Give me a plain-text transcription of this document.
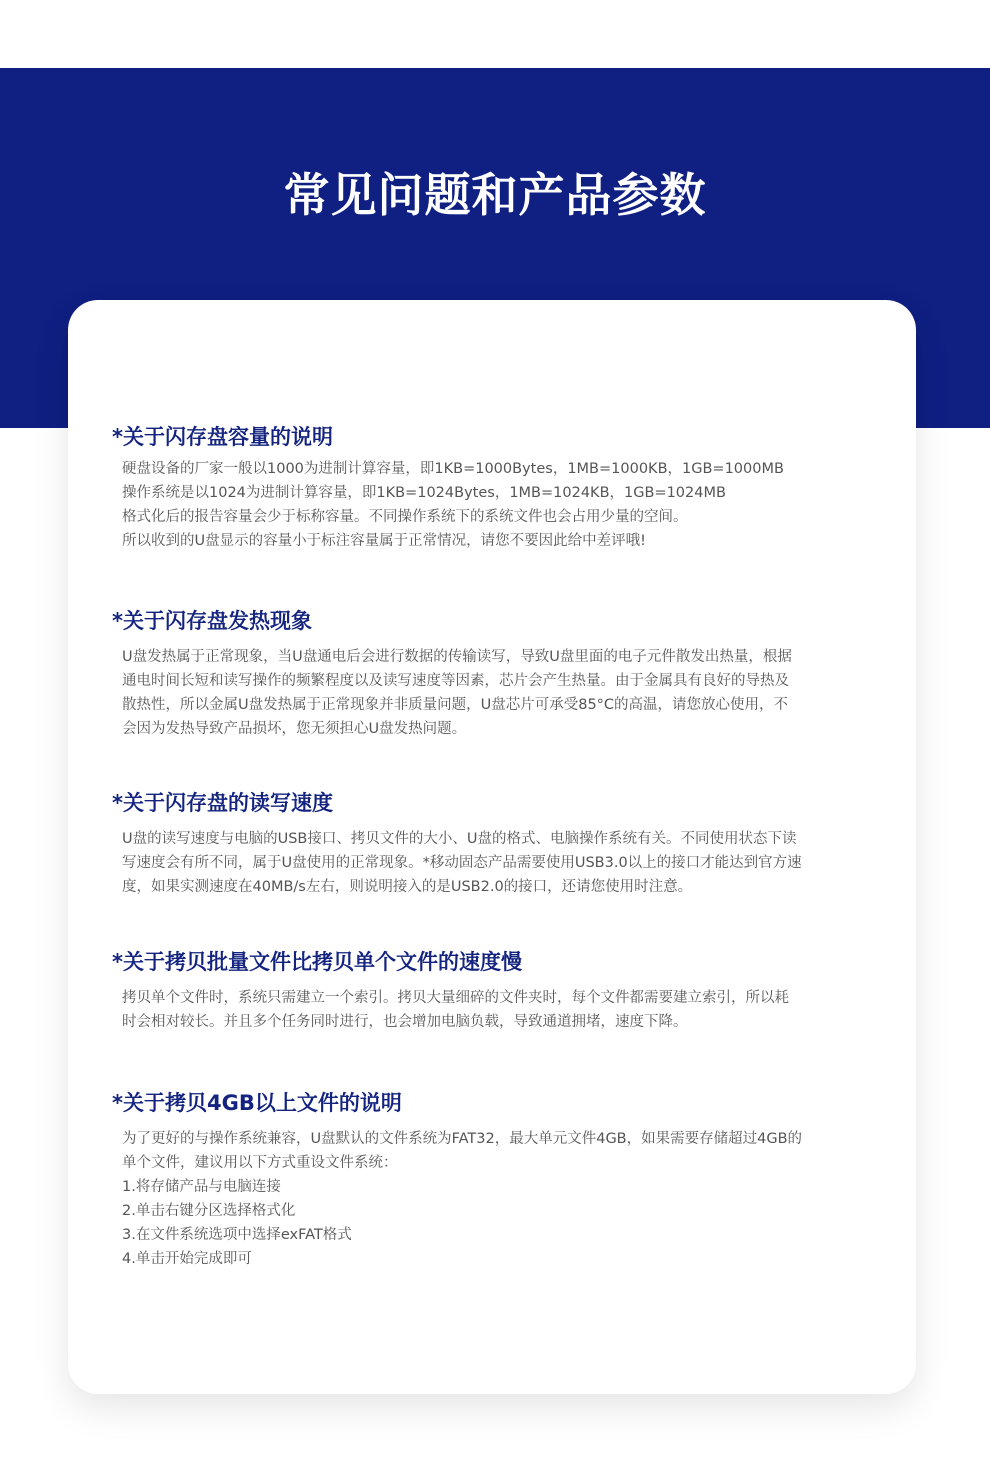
常见问题和产品参数
*关于闪存盘容量的说明
硬盘设备的厂家一般以1000为进制计算容量，即1KB=1000Bytes，1MB=1000KB，1GB=1000MB
操作系统是以1024为进制计算容量，即1KB=1024Bytes，1MB=1024KB，1GB=1024MB
格式化后的报告容量会少于标称容量。不同操作系统下的系统文件也会占用少量的空间。
所以收到的U盘显示的容量小于标注容量属于正常情况，请您不要因此给中差评哦!
*关于闪存盘发热现象
U盘发热属于正常现象，当U盘通电后会进行数据的传输读写，导致U盘里面的电子元件散发出热量，根据
通电时间长短和读写操作的频繁程度以及读写速度等因素，芯片会产生热量。由于金属具有良好的导热及
散热性，所以金属U盘发热属于正常现象并非质量问题，U盘芯片可承受85°C的高温，请您放心使用，不
会因为发热导致产品损坏，您无须担心U盘发热问题。
*关于闪存盘的读写速度
U盘的读写速度与电脑的USB接口、拷贝文件的大小、U盘的格式、电脑操作系统有关。不同使用状态下读
写速度会有所不同，属于U盘使用的正常现象。*移动固态产品需要使用USB3.0以上的接口才能达到官方速
度，如果实测速度在40MB/s左右，则说明接入的是USB2.0的接口，还请您使用时注意。
*关于拷贝批量文件比拷贝单个文件的速度慢
拷贝单个文件时，系统只需建立一个索引。拷贝大量细碎的文件夹时，每个文件都需要建立索引，所以耗
时会相对较长。并且多个任务同时进行，也会增加电脑负载，导致通道拥堵，速度下降。
*关于拷贝4GB以上文件的说明
为了更好的与操作系统兼容，U盘默认的文件系统为FAT32，最大单元文件4GB，如果需要存储超过4GB的
单个文件，建议用以下方式重设文件系统：
1.将存储产品与电脑连接
2.单击右键分区选择格式化
3.在文件系统选项中选择exFAT格式
4.单击开始完成即可
